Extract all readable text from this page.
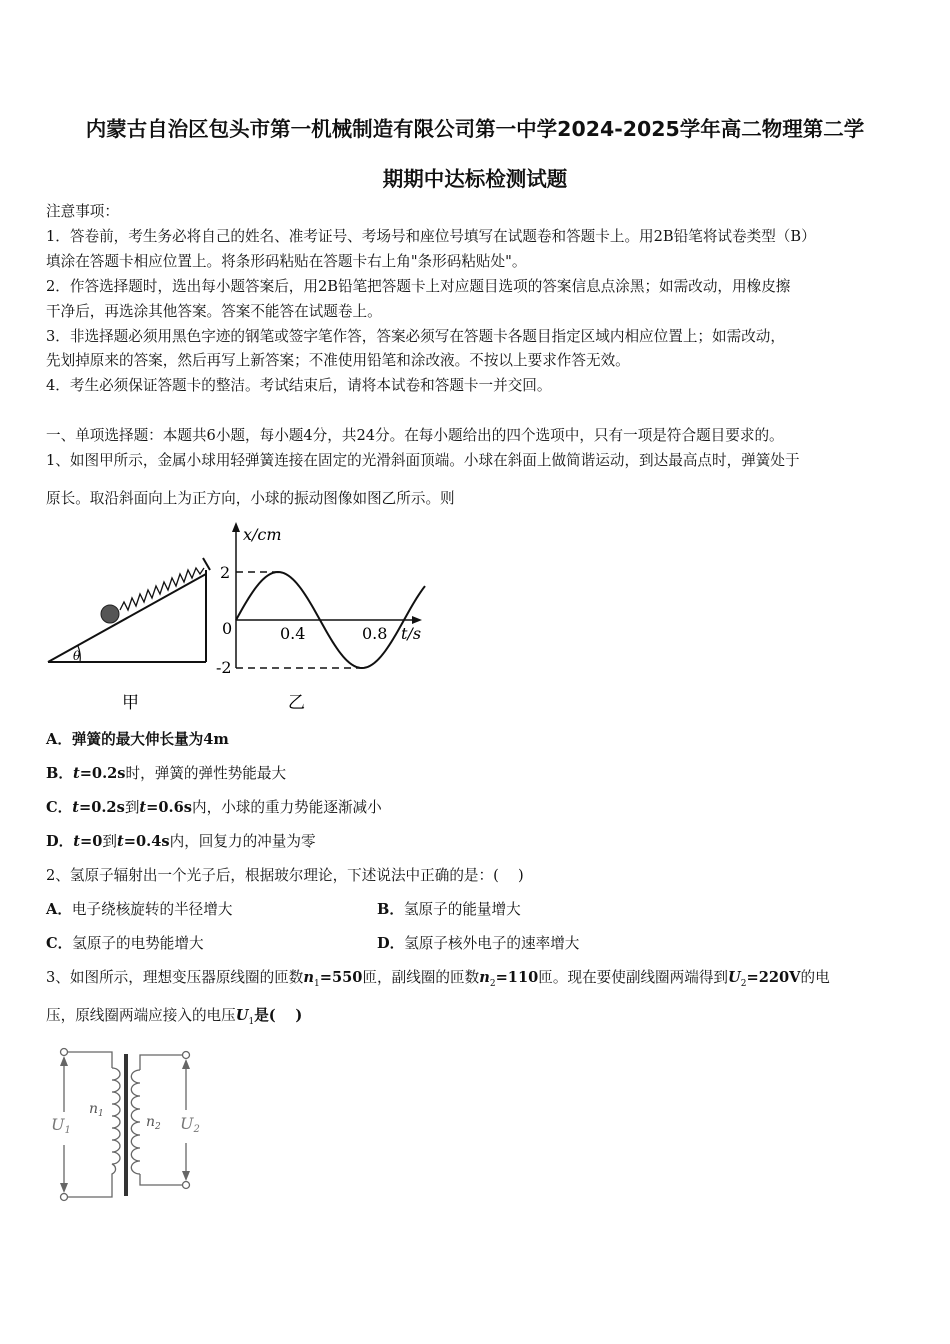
内蒙古自治区包头市第一机械制造有限公司第一中学2024-2025学年高二物理第二学
期期中达标检测试题
注意事项：
1．答卷前，考生务必将自己的姓名、准考证号、考场号和座位号填写在试题卷和答题卡上。用2B铅笔将试卷类型（B）
填涂在答题卡相应位置上。将条形码粘贴在答题卡右上角"条形码粘贴处"。
2．作答选择题时，选出每小题答案后，用2B铅笔把答题卡上对应题目选项的答案信息点涂黑；如需改动，用橡皮擦
干净后，再选涂其他答案。答案不能答在试题卷上。
3．非选择题必须用黑色字迹的钢笔或签字笔作答，答案必须写在答题卡各题目指定区域内相应位置上；如需改动，
先划掉原来的答案，然后再写上新答案；不准使用铅笔和涂改液。不按以上要求作答无效。
4．考生必须保证答题卡的整洁。考试结束后，请将本试卷和答题卡一并交回。
一、单项选择题：本题共6小题，每小题4分，共24分。在每小题给出的四个选项中，只有一项是符合题目要求的。
1、如图甲所示，金属小球用轻弹簧连接在固定的光滑斜面顶端。小球在斜面上做简谐运动，到达最高点时，弹簧处于
原长。取沿斜面向上为正方向，小球的振动图像如图乙所示。则
θ
甲
x/cm
t/s
2
-2
0	0.4	0.8
乙
A．弹簧的最大伸长量为4m
B．t=0.2s时，弹簧的弹性势能最大
C．t=0.2s到t=0.6s内，小球的重力势能逐渐减小
D．t=0到t=0.4s内，回复力的冲量为零
2、氢原子辐射出一个光子后，根据玻尔理论，下述说法中正确的是：(　 )
A．电子绕核旋转的半径增大	B．氢原子的能量增大
C．氢原子的电势能增大	D．氢原子核外电子的速率增大
3、如图所示，理想变压器原线圈的匝数$n_1=550$匝，副线圈的匝数$n_2=110$匝。现在要使副线圈两端得到$U_2=220V$的电
压，原线圈两端应接入的电压$U_1$是(　 )
U1	U2
$n_1$	$n_2$
